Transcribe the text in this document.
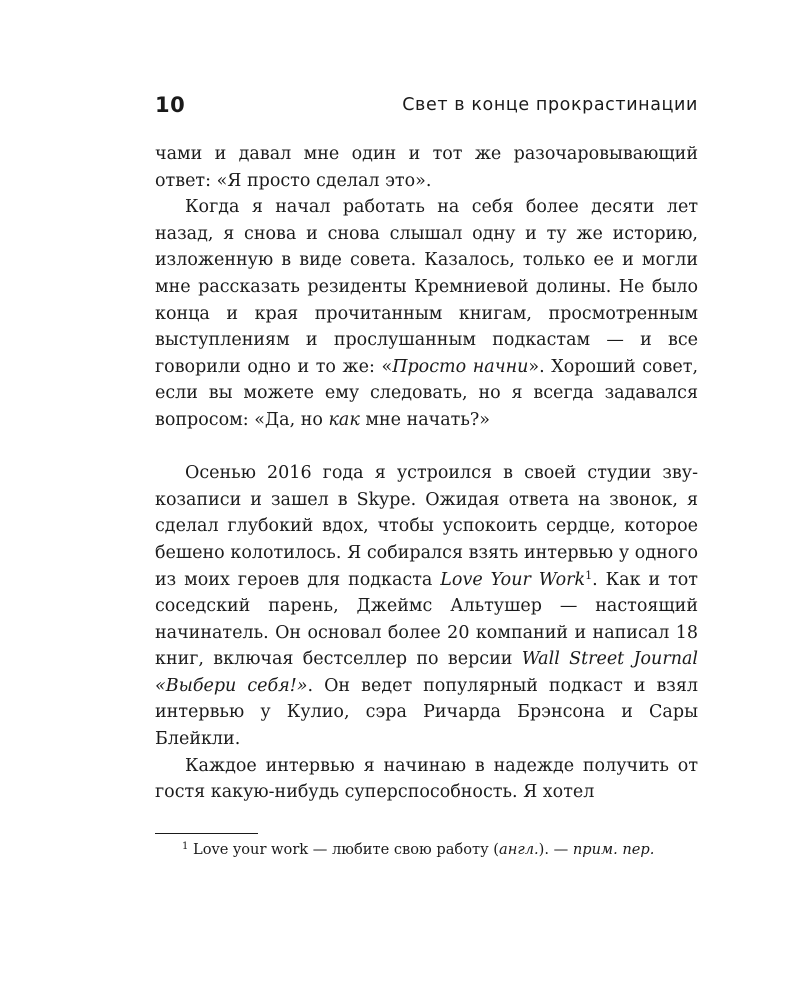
10	Свет в конце прокрастинации

чами и давал мне один и тот же разочаровывающий ответ: «Я просто сделал это».

Когда я начал работать на себя более десяти лет назад, я снова и снова слышал одну и ту же историю, изложенную в виде совета. Казалось, только ее и могли мне рассказать резиденты Кремниевой долины. Не было конца и края прочитанным книгам, просмотренным выступлениям и прослушанным подкастам — и все говорили одно и то же: «Просто начни». Хороший совет, если вы можете ему следовать, но я всегда задавался вопросом: «Да, но как мне начать?»

Осенью 2016 года я устроился в своей студии звукозаписи и зашел в Skype. Ожидая ответа на звонок, я сделал глубокий вдох, чтобы успокоить сердце, которое бешено колотилось. Я собирался взять интервью у одного из моих героев для подкаста Love Your Work$^1$. Как и тот соседский парень, Джеймс Альтушер — настоящий начинатель. Он основал более 20 компаний и написал 18 книг, включая бестселлер по версии Wall Street Journal «Выбери себя!». Он ведет популярный подкаст и взял интервью у Кулио, сэра Ричарда Брэнсона и Сары Блейкли.

Каждое интервью я начинаю в надежде получить от гостя какую-нибудь суперспособность. Я хотел

$^1$ Love your work — любите свою работу (англ.). — прим. пер.
